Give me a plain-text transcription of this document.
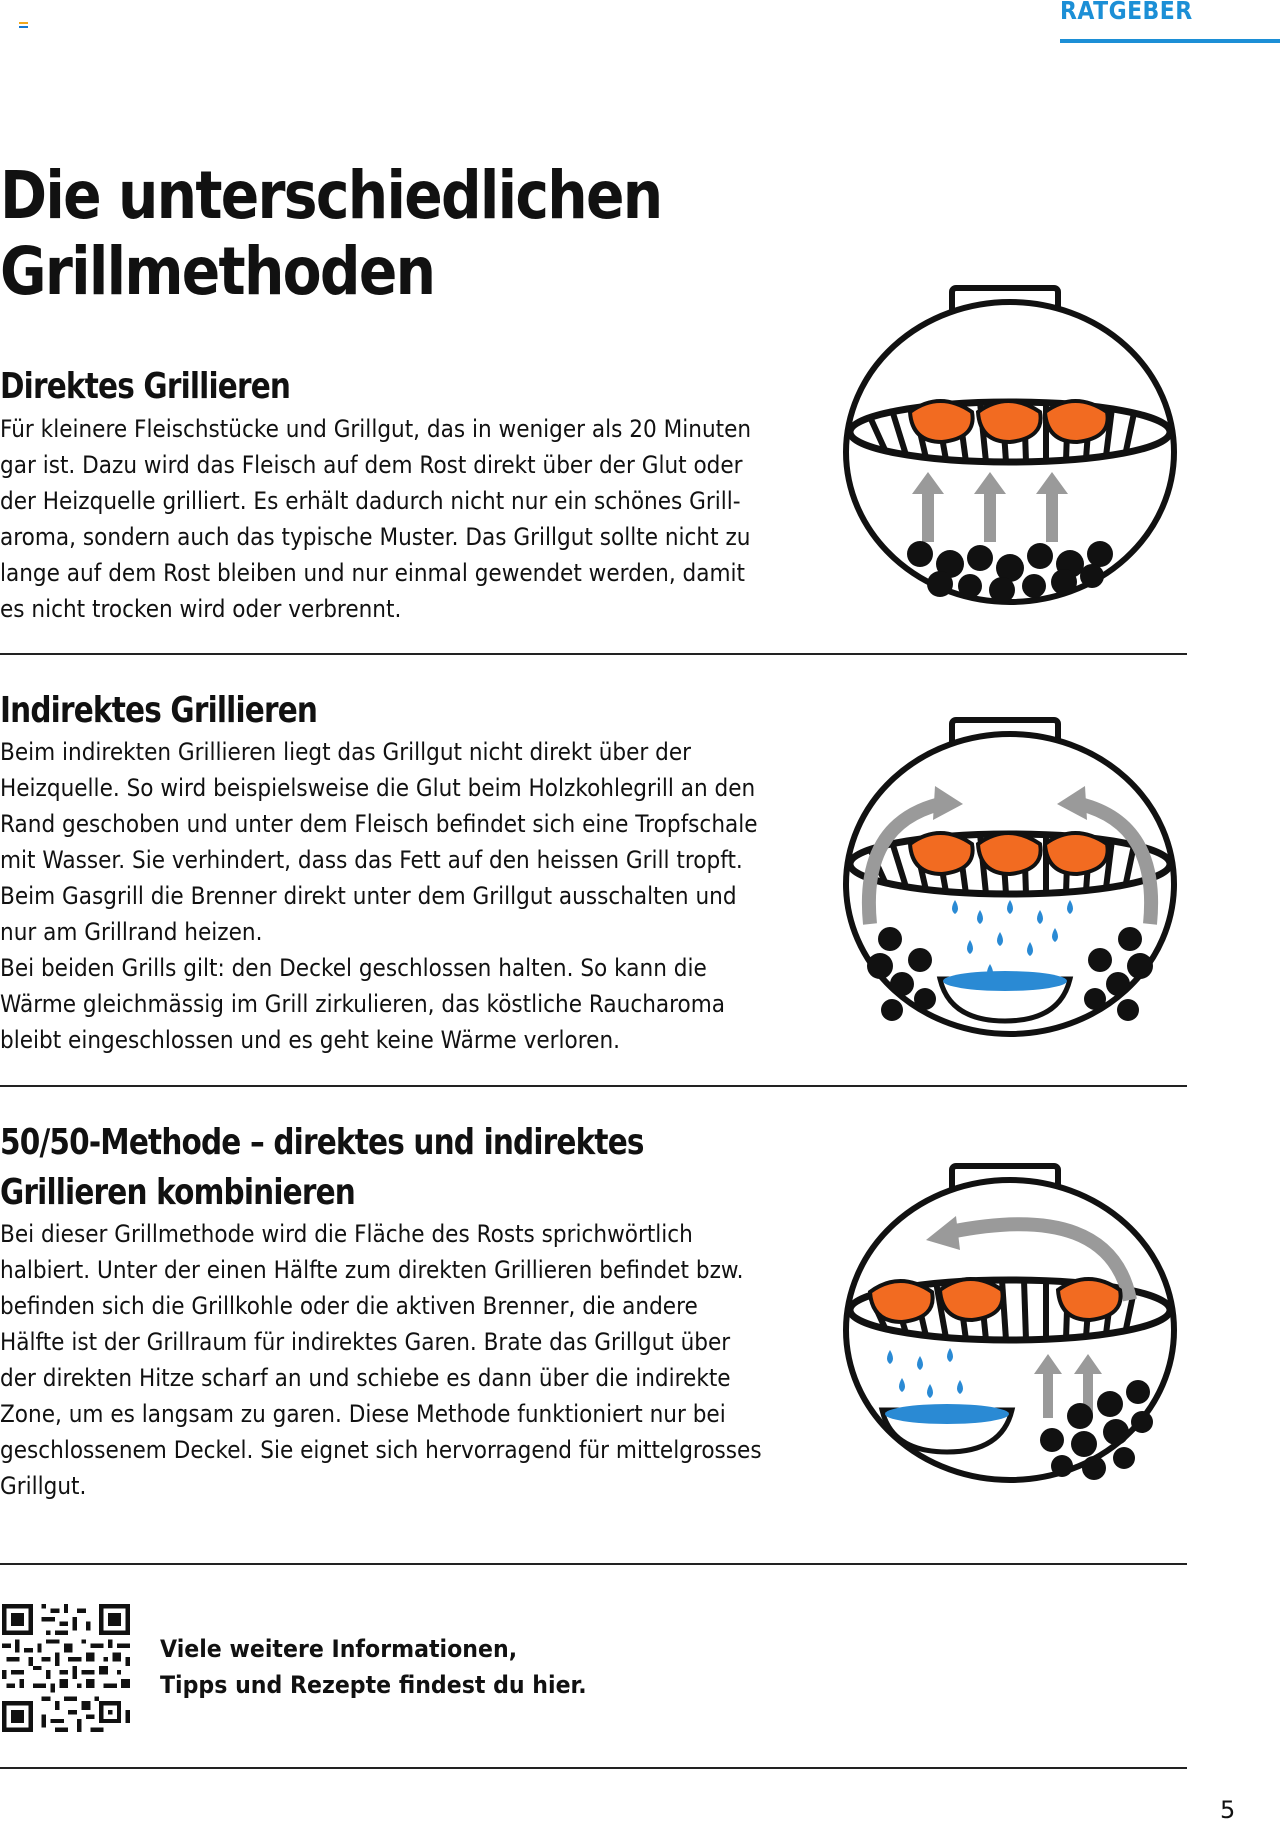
RATGEBER
Die unterschiedlichen
Grillmethoden
Direktes Grillieren
Für kleinere Fleischstücke und Grillgut, das in weniger als 20 Minuten
gar ist. Dazu wird das Fleisch auf dem Rost direkt über der Glut oder
der Heizquelle grilliert. Es erhält dadurch nicht nur ein schönes Grill-
aroma, sondern auch das typische Muster. Das Grillgut sollte nicht zu
lange auf dem Rost bleiben und nur einmal gewendet werden, damit
es nicht trocken wird oder verbrennt.
Indirektes Grillieren
Beim indirekten Grillieren liegt das Grillgut nicht direkt über der
Heizquelle. So wird beispielsweise die Glut beim Holzkohlegrill an den
Rand geschoben und unter dem Fleisch befindet sich eine Tropfschale
mit Wasser. Sie verhindert, dass das Fett auf den heissen Grill tropft.
Beim Gasgrill die Brenner direkt unter dem Grillgut ausschalten und
nur am Grillrand heizen.
Bei beiden Grills gilt: den Deckel geschlossen halten. So kann die
Wärme gleichmässig im Grill zirkulieren, das köstliche Raucharoma
bleibt eingeschlossen und es geht keine Wärme verloren.
50/50-Methode – direktes und indirektes
Grillieren kombinieren
Bei dieser Grillmethode wird die Fläche des Rosts sprichwörtlich
halbiert. Unter der einen Hälfte zum direkten Grillieren befindet bzw.
befinden sich die Grillkohle oder die aktiven Brenner, die andere
Hälfte ist der Grillraum für indirektes Garen. Brate das Grillgut über
der direkten Hitze scharf an und schiebe es dann über die indirekte
Zone, um es langsam zu garen. Diese Methode funktioniert nur bei
geschlossenem Deckel. Sie eignet sich hervorragend für mittelgrosses
Grillgut.
Viele weitere Informationen,
Tipps und Rezepte findest du hier.
5
